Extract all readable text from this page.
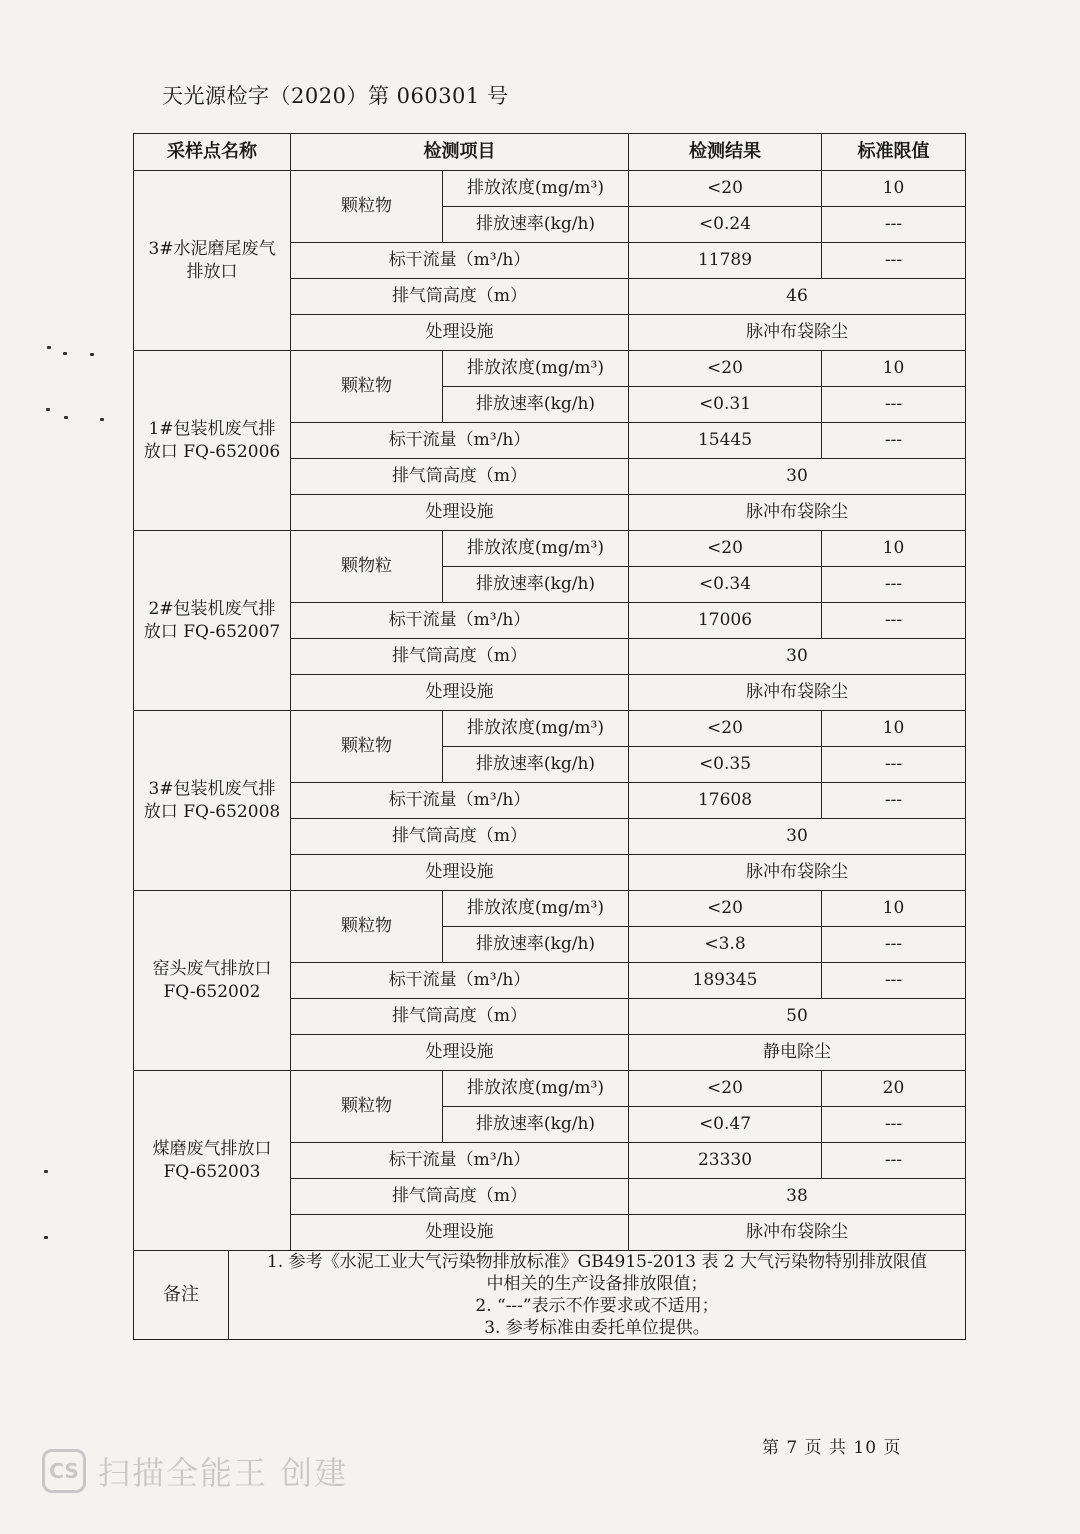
天光源检字（2020）第 060301 号
采样点名称		检测项目		检测结果	标准限值
3#水泥磨尾废气
排放口		颗粒物	排放浓度(mg/m³)	<20	10
			排放速率(kg/h)	<0.24	---
		标干流量（m³/h）		11789	---
		排气筒高度（m）		46	
		处理设施		脉冲布袋除尘	
1#包装机废气排
放口 FQ-652006		颗粒物	排放浓度(mg/m³)	<20	10
			排放速率(kg/h)	<0.31	---
		标干流量（m³/h）		15445	---
		排气筒高度（m）		30	
		处理设施		脉冲布袋除尘	
2#包装机废气排
放口 FQ-652007		颗物粒	排放浓度(mg/m³)	<20	10
			排放速率(kg/h)	<0.34	---
		标干流量（m³/h）		17006	---
		排气筒高度（m）		30	
		处理设施		脉冲布袋除尘	
3#包装机废气排
放口 FQ-652008		颗粒物	排放浓度(mg/m³)	<20	10
			排放速率(kg/h)	<0.35	---
		标干流量（m³/h）		17608	---
		排气筒高度（m）		30	
		处理设施		脉冲布袋除尘	
窑头废气排放口
FQ-652002		颗粒物	排放浓度(mg/m³)	<20	10
			排放速率(kg/h)	<3.8	---
		标干流量（m³/h）		189345	---
		排气筒高度（m）		50	
		处理设施		静电除尘	
煤磨废气排放口
FQ-652003		颗粒物	排放浓度(mg/m³)	<20	20
			排放速率(kg/h)	<0.47	---
		标干流量（m³/h）		23330	---
		排气筒高度（m）		38	
		处理设施		脉冲布袋除尘	
备注	1. 参考《水泥工业大气污染物排放标准》GB4915-2013 表 2 大气污染物特别排放限值
中相关的生产设备排放限值；
2. “---”表示不作要求或不适用；
3. 参考标准由委托单位提供。				
第 7 页 共 10 页
CS 扫描全能王 创建
